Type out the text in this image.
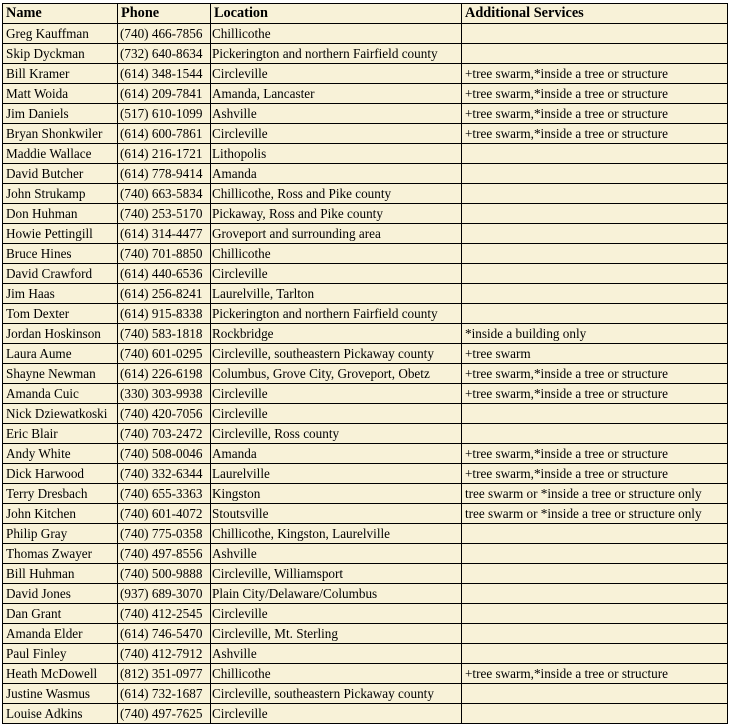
Name	Phone	Location	Additional Services
Greg Kauffman	(740) 466-7856	Chillicothe	
Skip Dyckman	(732) 640-8634	Pickerington and northern Fairfield county	
Bill Kramer	(614) 348-1544	Circleville	+tree swarm,*inside a tree or structure
Matt Woida	(614) 209-7841	Amanda, Lancaster	+tree swarm,*inside a tree or structure
Jim Daniels	(517) 610-1099	Ashville	+tree swarm,*inside a tree or structure
Bryan Shonkwiler	(614) 600-7861	Circleville	+tree swarm,*inside a tree or structure
Maddie Wallace	(614) 216-1721	Lithopolis	
David Butcher	(614) 778-9414	Amanda	
John Strukamp	(740) 663-5834	Chillicothe, Ross and Pike county	
Don Huhman	(740) 253-5170	Pickaway, Ross and Pike county	
Howie Pettingill	(614) 314-4477	Groveport and surrounding area	
Bruce Hines	(740) 701-8850	Chillicothe	
David Crawford	(614) 440-6536	Circleville	
Jim Haas	(614) 256-8241	Laurelville, Tarlton	
Tom Dexter	(614) 915-8338	Pickerington and northern Fairfield county	
Jordan Hoskinson	(740) 583-1818	Rockbridge	*inside a building only
Laura Aume	(740) 601-0295	Circleville, southeastern Pickaway county	+tree swarm
Shayne Newman	(614) 226-6198	Columbus, Grove City, Groveport, Obetz	+tree swarm,*inside a tree or structure
Amanda Cuic	(330) 303-9938	Circleville	+tree swarm,*inside a tree or structure
Nick Dziewatkoski	(740) 420-7056	Circleville	
Eric Blair	(740) 703-2472	Circleville, Ross county	
Andy White	(740) 508-0046	Amanda	+tree swarm,*inside a tree or structure
Dick Harwood	(740) 332-6344	Laurelville	+tree swarm,*inside a tree or structure
Terry Dresbach	(740) 655-3363	Kingston	tree swarm or *inside a tree or structure only
John Kitchen	(740) 601-4072	Stoutsville	tree swarm or *inside a tree or structure only
Philip Gray	(740) 775-0358	Chillicothe, Kingston, Laurelville	
Thomas Zwayer	(740) 497-8556	Ashville	
Bill Huhman	(740) 500-9888	Circleville, Williamsport	
David Jones	(937) 689-3070	Plain City/Delaware/Columbus	
Dan Grant	(740) 412-2545	Circleville	
Amanda Elder	(614) 746-5470	Circleville, Mt. Sterling	
Paul Finley	(740) 412-7912	Ashville	
Heath McDowell	(812) 351-0977	Chillicothe	+tree swarm,*inside a tree or structure
Justine Wasmus	(614) 732-1687	Circleville, southeastern Pickaway county	
Louise Adkins	(740) 497-7625	Circleville	
